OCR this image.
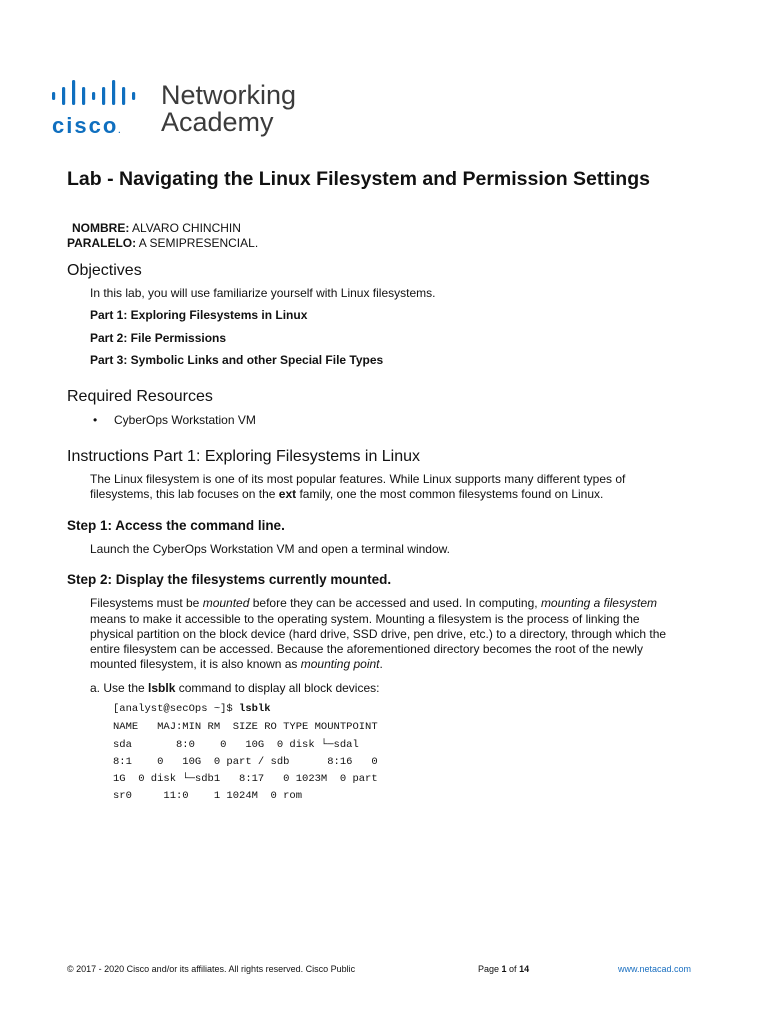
cisco.
Networking
Academy
Lab - Navigating the Linux Filesystem and Permission Settings
NOMBRE: ALVARO CHINCHIN
PARALELO: A SEMIPRESENCIAL.
Objectives
In this lab, you will use familiarize yourself with Linux filesystems.
Part 1: Exploring Filesystems in Linux
Part 2: File Permissions
Part 3: Symbolic Links and other Special File Types
Required Resources
• CyberOps Workstation VM
Instructions Part 1: Exploring Filesystems in Linux
The Linux filesystem is one of its most popular features. While Linux supports many different types of
filesystems, this lab focuses on the ext family, one the most common filesystems found on Linux.
Step 1: Access the command line.
Launch the CyberOps Workstation VM and open a terminal window.
Step 2: Display the filesystems currently mounted.
Filesystems must be mounted before they can be accessed and used. In computing, mounting a filesystem
means to make it accessible to the operating system. Mounting a filesystem is the process of linking the
physical partition on the block device (hard drive, SSD drive, pen drive, etc.) to a directory, through which the
entire filesystem can be accessed. Because the aforementioned directory becomes the root of the newly
mounted filesystem, it is also known as mounting point.
a. Use the lsblk command to display all block devices:
[analyst@secOps ~]$ lsblk
NAME   MAJ:MIN RM  SIZE RO TYPE MOUNTPOINT
sda       8:0    0   10G  0 disk └─sdal
8:1    0   10G  0 part / sdb      8:16   0
1G  0 disk └─sdb1   8:17   0 1023M  0 part
sr0     11:0    1 1024M  0 rom
© 2017 - 2020 Cisco and/or its affiliates. All rights reserved. Cisco Public	Page 1 of 14	www.netacad.com
